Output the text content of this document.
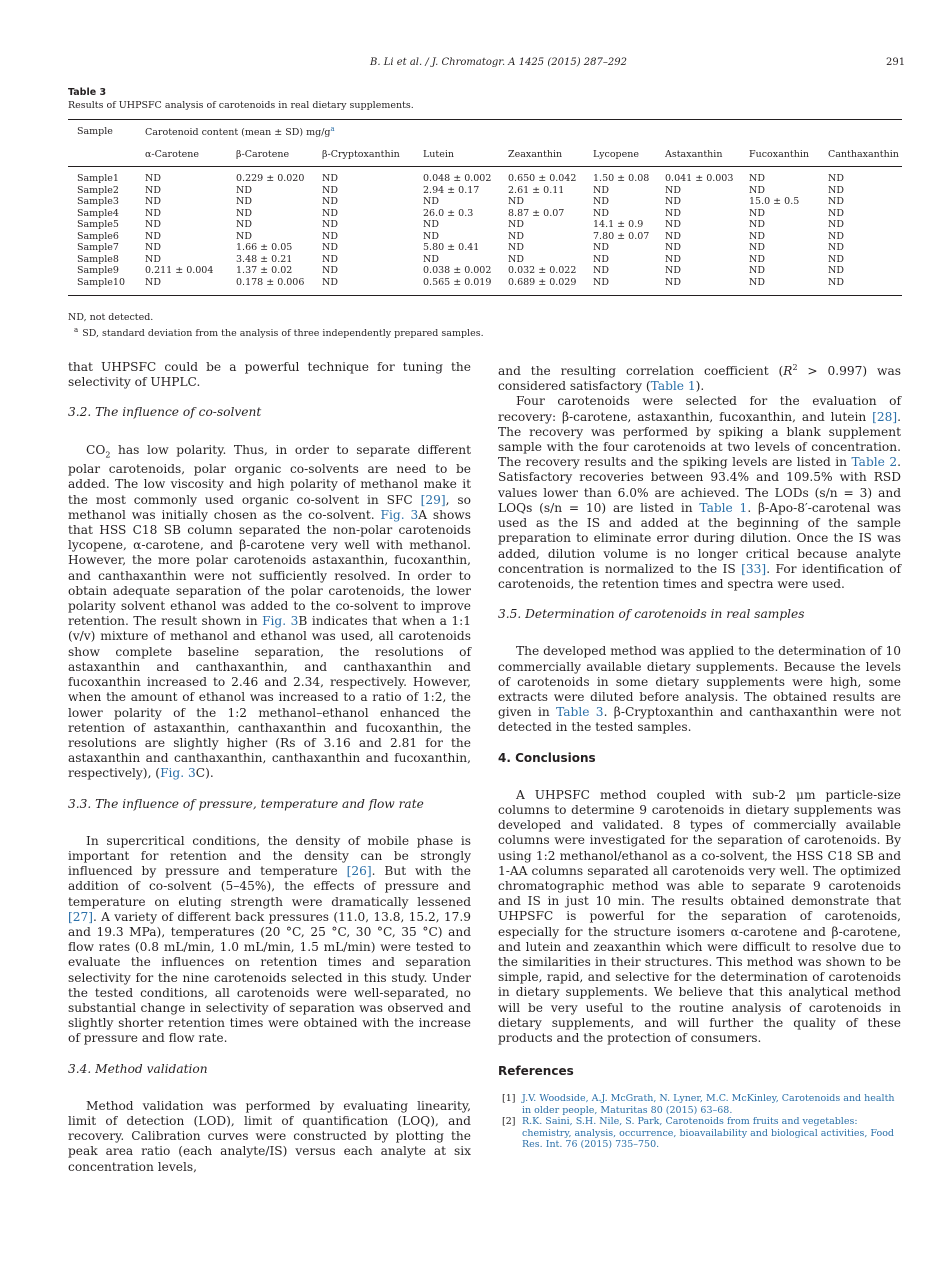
B. Li et al. / J. Chromatogr. A 1425 (2015) 287–292	291
Table 3
Results of UHPSFC analysis of carotenoids in real dietary supplements.
Sample	Carotenoid content (mean ± SD) $mg/g^a$
	α-Carotene	β-Carotene	β-Cryptoxanthin	Lutein	Zeaxanthin	Lycopene	Astaxanthin	Fucoxanthin	Canthaxanthin
Sample1	ND	0.229 ± 0.020	ND	0.048 ± 0.002	0.650 ± 0.042	1.50 ± 0.08	0.041 ± 0.003	ND	ND
Sample2	ND	ND	ND	2.94 ± 0.17	2.61 ± 0.11	ND	ND	ND	ND
Sample3	ND	ND	ND	ND	ND	ND	ND	15.0 ± 0.5	ND
Sample4	ND	ND	ND	26.0 ± 0.3	8.87 ± 0.07	ND	ND	ND	ND
Sample5	ND	ND	ND	ND	ND	14.1 ± 0.9	ND	ND	ND
Sample6	ND	ND	ND	ND	ND	7.80 ± 0.07	ND	ND	ND
Sample7	ND	1.66 ± 0.05	ND	5.80 ± 0.41	ND	ND	ND	ND	ND
Sample8	ND	3.48 ± 0.21	ND	ND	ND	ND	ND	ND	ND
Sample9	0.211 ± 0.004	1.37 ± 0.02	ND	0.038 ± 0.002	0.032 ± 0.022	ND	ND	ND	ND
Sample10	ND	0.178 ± 0.006	ND	0.565 ± 0.019	0.689 ± 0.029	ND	ND	ND	ND
ND, not detected.
$^a$ SD, standard deviation from the analysis of three independently prepared samples.

that UHPSFC could be a powerful technique for tuning the selectivity of UHPLC.

3.2. The influence of co-solvent

$CO_2$ has low polarity. Thus, in order to separate different polar carotenoids, polar organic co-solvents are need to be added. The low viscosity and high polarity of methanol make it the most commonly used organic co-solvent in SFC [29], so methanol was initially chosen as the co-solvent. Fig. 3A shows that HSS C18 SB column separated the non-polar carotenoids lycopene, α-carotene, and β-carotene very well with methanol. However, the more polar carotenoids astaxanthin, fucoxanthin, and canthaxanthin were not sufficiently resolved. In order to obtain adequate separation of the polar carotenoids, the lower polarity solvent ethanol was added to the co-solvent to improve retention. The result shown in Fig. 3B indicates that when a 1:1 (v/v) mixture of methanol and ethanol was used, all carotenoids show complete baseline separation, the resolutions of astaxanthin and canthaxanthin, and canthaxanthin and fucoxanthin increased to 2.46 and 2.34, respectively. However, when the amount of ethanol was increased to a ratio of 1:2, the lower polarity of the 1:2 methanol–ethanol enhanced the retention of astaxanthin, canthaxanthin and fucoxanthin, the resolutions are slightly higher (Rs of 3.16 and 2.81 for the astaxanthin and canthaxanthin, canthaxanthin and fucoxanthin, respectively), (Fig. 3C).

3.3. The influence of pressure, temperature and flow rate

In supercritical conditions, the density of mobile phase is important for retention and the density can be strongly influenced by pressure and temperature [26]. But with the addition of co-solvent (5–45%), the effects of pressure and temperature on eluting strength were dramatically lessened [27]. A variety of different back pressures (11.0, 13.8, 15.2, 17.9 and 19.3 MPa), temperatures (20 °C, 25 °C, 30 °C, 35 °C) and flow rates (0.8 mL/min, 1.0 mL/min, 1.5 mL/min) were tested to evaluate the influences on retention times and separation selectivity for the nine carotenoids selected in this study. Under the tested conditions, all carotenoids were well-separated, no substantial change in selectivity of separation was observed and slightly shorter retention times were obtained with the increase of pressure and flow rate.

3.4. Method validation

Method validation was performed by evaluating linearity, limit of detection (LOD), limit of quantification (LOQ), and recovery. Calibration curves were constructed by plotting the peak area ratio (each analyte/IS) versus each analyte at six concentration levels,

and the resulting correlation coefficient $(R^2 > 0.997)$ was considered satisfactory (Table 1).

Four carotenoids were selected for the evaluation of recovery: β-carotene, astaxanthin, fucoxanthin, and lutein [28]. The recovery was performed by spiking a blank supplement sample with the four carotenoids at two levels of concentration. The recovery results and the spiking levels are listed in Table 2. Satisfactory recoveries between 93.4% and 109.5% with RSD values lower than 6.0% are achieved. The LODs (s/n = 3) and LOQs (s/n = 10) are listed in Table 1. β-Apo-8′-carotenal was used as the IS and added at the beginning of the sample preparation to eliminate error during dilution. Once the IS was added, dilution volume is no longer critical because analyte concentration is normalized to the IS [33]. For identification of carotenoids, the retention times and spectra were used.

3.5. Determination of carotenoids in real samples

The developed method was applied to the determination of 10 commercially available dietary supplements. Because the levels of carotenoids in some dietary supplements were high, some extracts were diluted before analysis. The obtained results are given in Table 3. β-Cryptoxanthin and canthaxanthin were not detected in the tested samples.

4. Conclusions

A UHPSFC method coupled with sub-2 μm particle-size columns to determine 9 carotenoids in dietary supplements was developed and validated. 8 types of commercially available columns were investigated for the separation of carotenoids. By using 1:2 methanol/ethanol as a co-solvent, the HSS C18 SB and 1-AA columns separated all carotenoids very well. The optimized chromatographic method was able to separate 9 carotenoids and IS in just 10 min. The results obtained demonstrate that UHPSFC is powerful for the separation of carotenoids, especially for the structure isomers α-carotene and β-carotene, and lutein and zeaxanthin which were difficult to resolve due to the similarities in their structures. This method was shown to be simple, rapid, and selective for the determination of carotenoids in dietary supplements. We believe that this analytical method will be very useful to the routine analysis of carotenoids in dietary supplements, and will further the quality of these products and the protection of consumers.

References

[1] J.V. Woodside, A.J. McGrath, N. Lyner, M.C. McKinley, Carotenoids and health in older people, Maturitas 80 (2015) 63–68.
[2] R.K. Saini, S.H. Nile, S. Park, Carotenoids from fruits and vegetables: chemistry, analysis, occurrence, bioavailability and biological activities, Food Res. Int. 76 (2015) 735–750.
